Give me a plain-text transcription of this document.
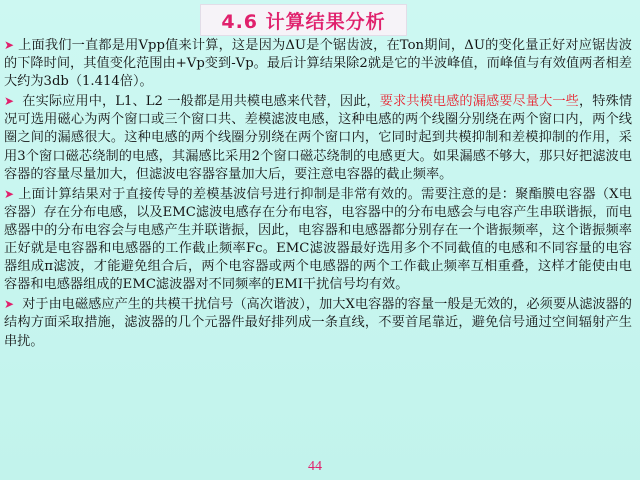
4.6 计算结果分析

➤ 上面我们一直都是用Vpp值来计算，这是因为ΔU是个锯齿波，在Ton期间，ΔU的变化量正好对应锯齿波的下降时间，其值变化范围由+Vp变到-Vp。最后计算结果除2就是它的半波峰值，而峰值与有效值两者相差大约为3db（1.414倍）。

➤ 在实际应用中，L1、L2 一般都是用共模电感来代替，因此，要求共模电感的漏感要尽量大一些，特殊情况可选用磁心为两个窗口或三个窗口共、差模滤波电感，这种电感的两个线圈分别绕在两个窗口内，两个线圈之间的漏感很大。这种电感的两个线圈分别绕在两个窗口内，它同时起到共模抑制和差模抑制的作用，采用3个窗口磁芯绕制的电感，其漏感比采用2个窗口磁芯绕制的电感更大。如果漏感不够大，那只好把滤波电容器的容量尽量加大，但滤波电容器容量加大后，要注意电容器的截止频率。

➤ 上面计算结果对于直接传导的差模基波信号进行抑制是非常有效的。需要注意的是：聚酯膜电容器（X电容器）存在分布电感，以及EMC滤波电感存在分布电容，电容器中的分布电感会与电容产生串联谐振，而电感器中的分布电容会与电感产生并联谐振，因此，电容器和电感器都分别存在一个谐振频率，这个谐振频率正好就是电容器和电感器的工作截止频率Fc。EMC滤波器最好选用多个不同截值的电感和不同容量的电容器组成π滤波，才能避免组合后，两个电容器或两个电感器的两个工作截止频率互相重叠，这样才能使由电容器和电感器组成的EMC滤波器对不同频率的EMI干扰信号均有效。

➤ 对于由电磁感应产生的共模干扰信号（高次谐波），加大X电容器的容量一般是无效的，必须要从滤波器的结构方面采取措施，滤波器的几个元器件最好排列成一条直线，不要首尾靠近，避免信号通过空间辐射产生串扰。

44
